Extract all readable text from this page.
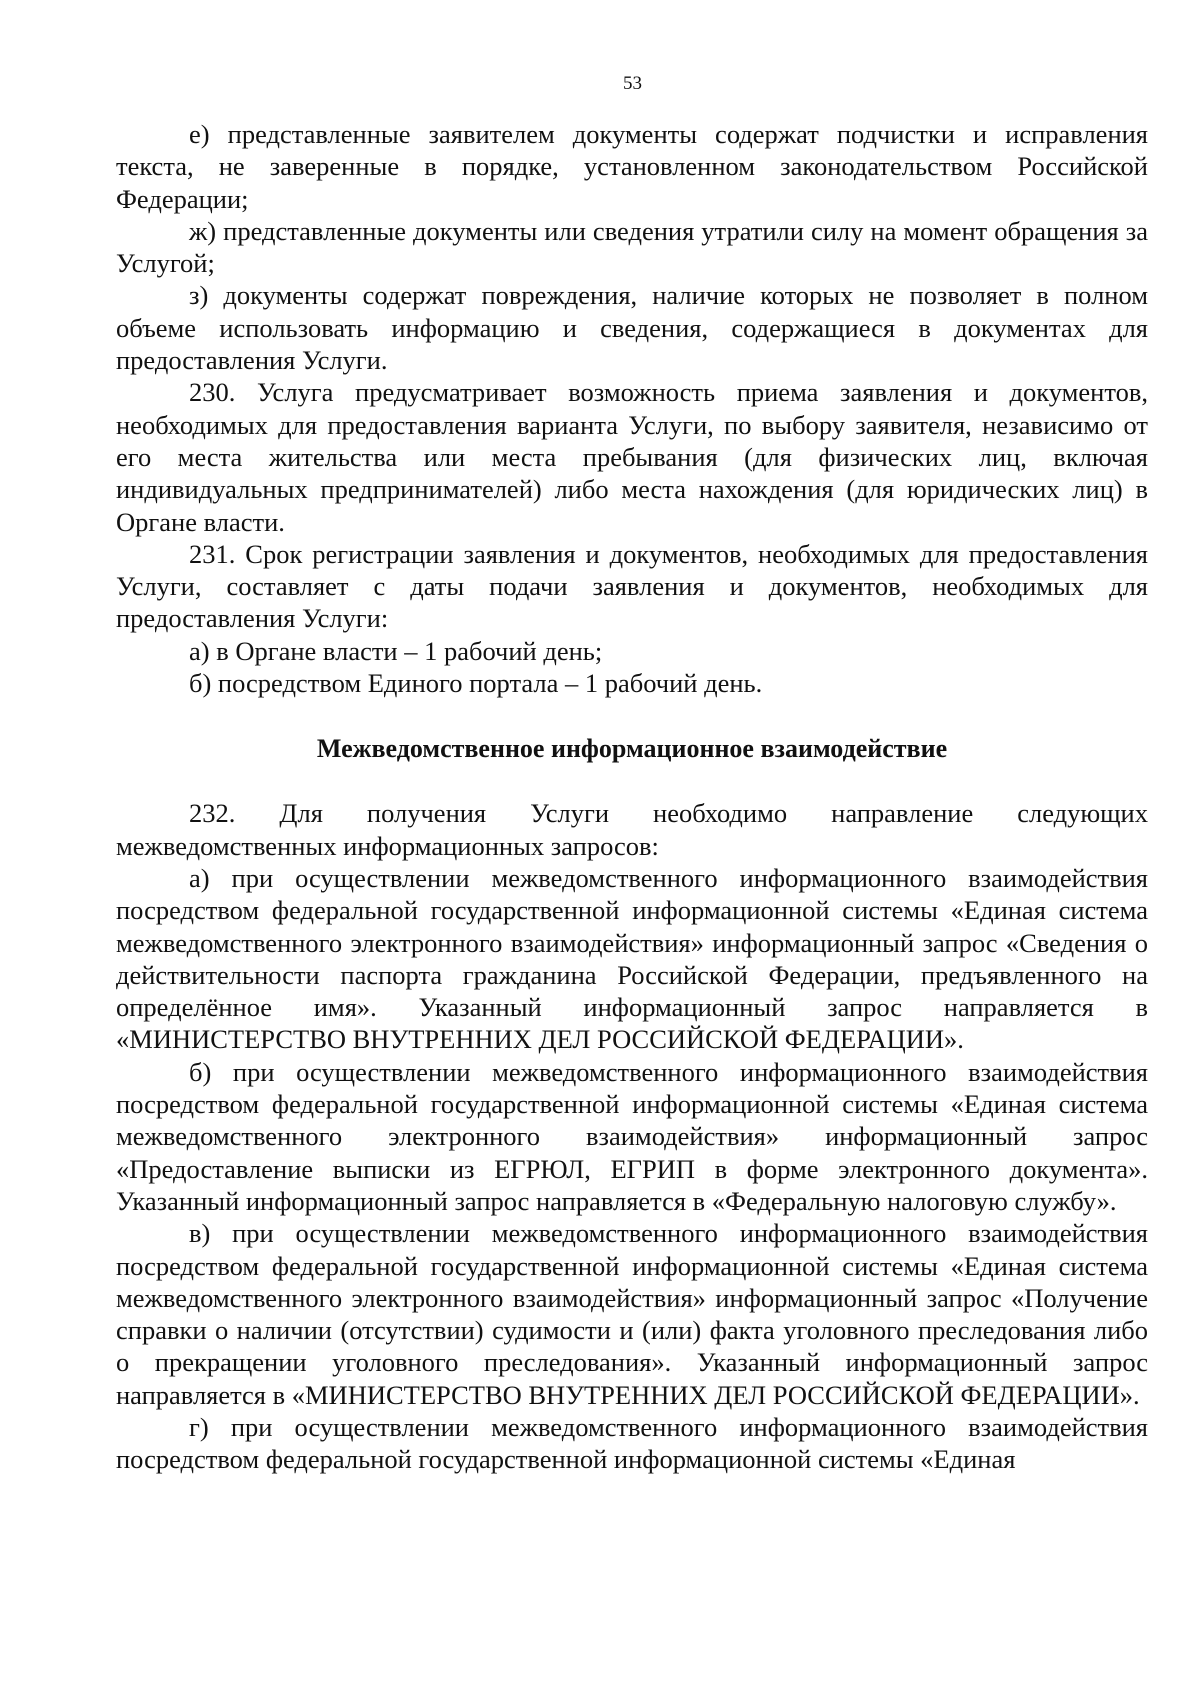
53

е) представленные заявителем документы содержат подчистки и исправления текста, не заверенные в порядке, установленном законодательством Российской Федерации;

ж) представленные документы или сведения утратили силу на момент обращения за Услугой;

з) документы содержат повреждения, наличие которых не позволяет в полном объеме использовать информацию и сведения, содержащиеся в документах для предоставления Услуги.

230. Услуга предусматривает возможность приема заявления и документов, необходимых для предоставления варианта Услуги, по выбору заявителя, независимо от его места жительства или места пребывания (для физических лиц, включая индивидуальных предпринимателей) либо места нахождения (для юридических лиц) в Органе власти.

231. Срок регистрации заявления и документов, необходимых для предоставления Услуги, составляет с даты подачи заявления и документов, необходимых для предоставления Услуги:

а) в Органе власти – 1 рабочий день;

б) посредством Единого портала – 1 рабочий день.

Межведомственное информационное взаимодействие

232. Для получения Услуги необходимо направление следующих межведомственных информационных запросов:

а) при осуществлении межведомственного информационного взаимодействия посредством федеральной государственной информационной системы «Единая система межведомственного электронного взаимодействия» информационный запрос «Сведения о действительности паспорта гражданина Российской Федерации, предъявленного на определённое имя». Указанный информационный запрос направляется в «МИНИСТЕРСТВО ВНУТРЕННИХ ДЕЛ РОССИЙСКОЙ ФЕДЕРАЦИИ».

б) при осуществлении межведомственного информационного взаимодействия посредством федеральной государственной информационной системы «Единая система межведомственного электронного взаимодействия» информационный запрос «Предоставление выписки из ЕГРЮЛ, ЕГРИП в форме электронного документа». Указанный информационный запрос направляется в «Федеральную налоговую службу».

в) при осуществлении межведомственного информационного взаимодействия посредством федеральной государственной информационной системы «Единая система межведомственного электронного взаимодействия» информационный запрос «Получение справки о наличии (отсутствии) судимости и (или) факта уголовного преследования либо о прекращении уголовного преследования». Указанный информационный запрос направляется в «МИНИСТЕРСТВО ВНУТРЕННИХ ДЕЛ РОССИЙСКОЙ ФЕДЕРАЦИИ».

г) при осуществлении межведомственного информационного взаимодействия посредством федеральной государственной информационной системы «Единая
